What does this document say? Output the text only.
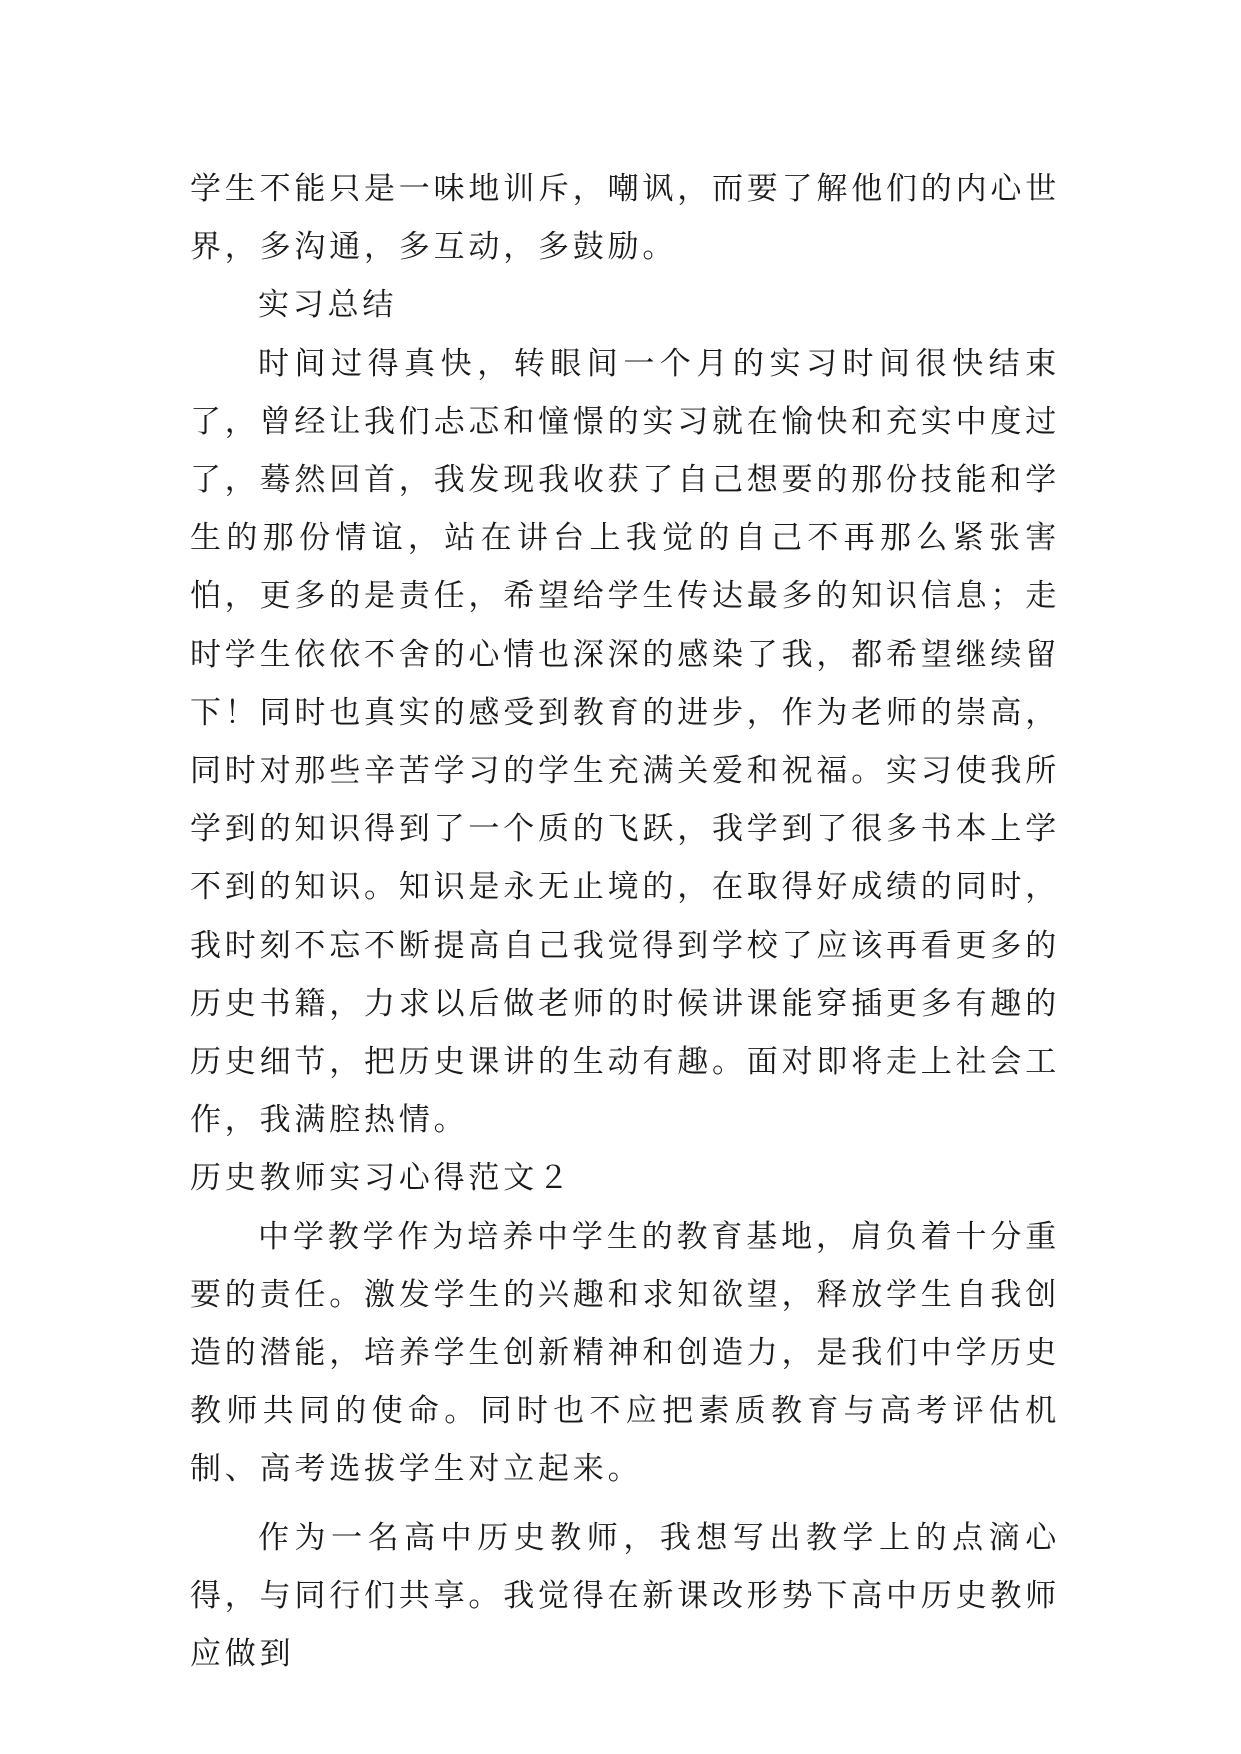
学生不能只是一味地训斥，嘲讽，而要了解他们的内心世界，多沟通，多互动，多鼓励。

实习总结

时间过得真快，转眼间一个月的实习时间很快结束了，曾经让我们忐忑和憧憬的实习就在愉快和充实中度过了，蓦然回首，我发现我收获了自己想要的那份技能和学生的那份情谊，站在讲台上我觉的自己不再那么紧张害怕，更多的是责任，希望给学生传达最多的知识信息；走时学生依依不舍的心情也深深的感染了我，都希望继续留下！同时也真实的感受到教育的进步，作为老师的崇高，同时对那些辛苦学习的学生充满关爱和祝福。实习使我所学到的知识得到了一个质的飞跃，我学到了很多书本上学不到的知识。知识是永无止境的，在取得好成绩的同时，我时刻不忘不断提高自己我觉得到学校了应该再看更多的历史书籍，力求以后做老师的时候讲课能穿插更多有趣的历史细节，把历史课讲的生动有趣。面对即将走上社会工作，我满腔热情。

历史教师实习心得范文２

中学教学作为培养中学生的教育基地，肩负着十分重要的责任。激发学生的兴趣和求知欲望，释放学生自我创造的潜能，培养学生创新精神和创造力，是我们中学历史教师共同的使命。同时也不应把素质教育与高考评估机制、高考选拔学生对立起来。

作为一名高中历史教师，我想写出教学上的点滴心得，与同行们共享。我觉得在新课改形势下高中历史教师应做到
